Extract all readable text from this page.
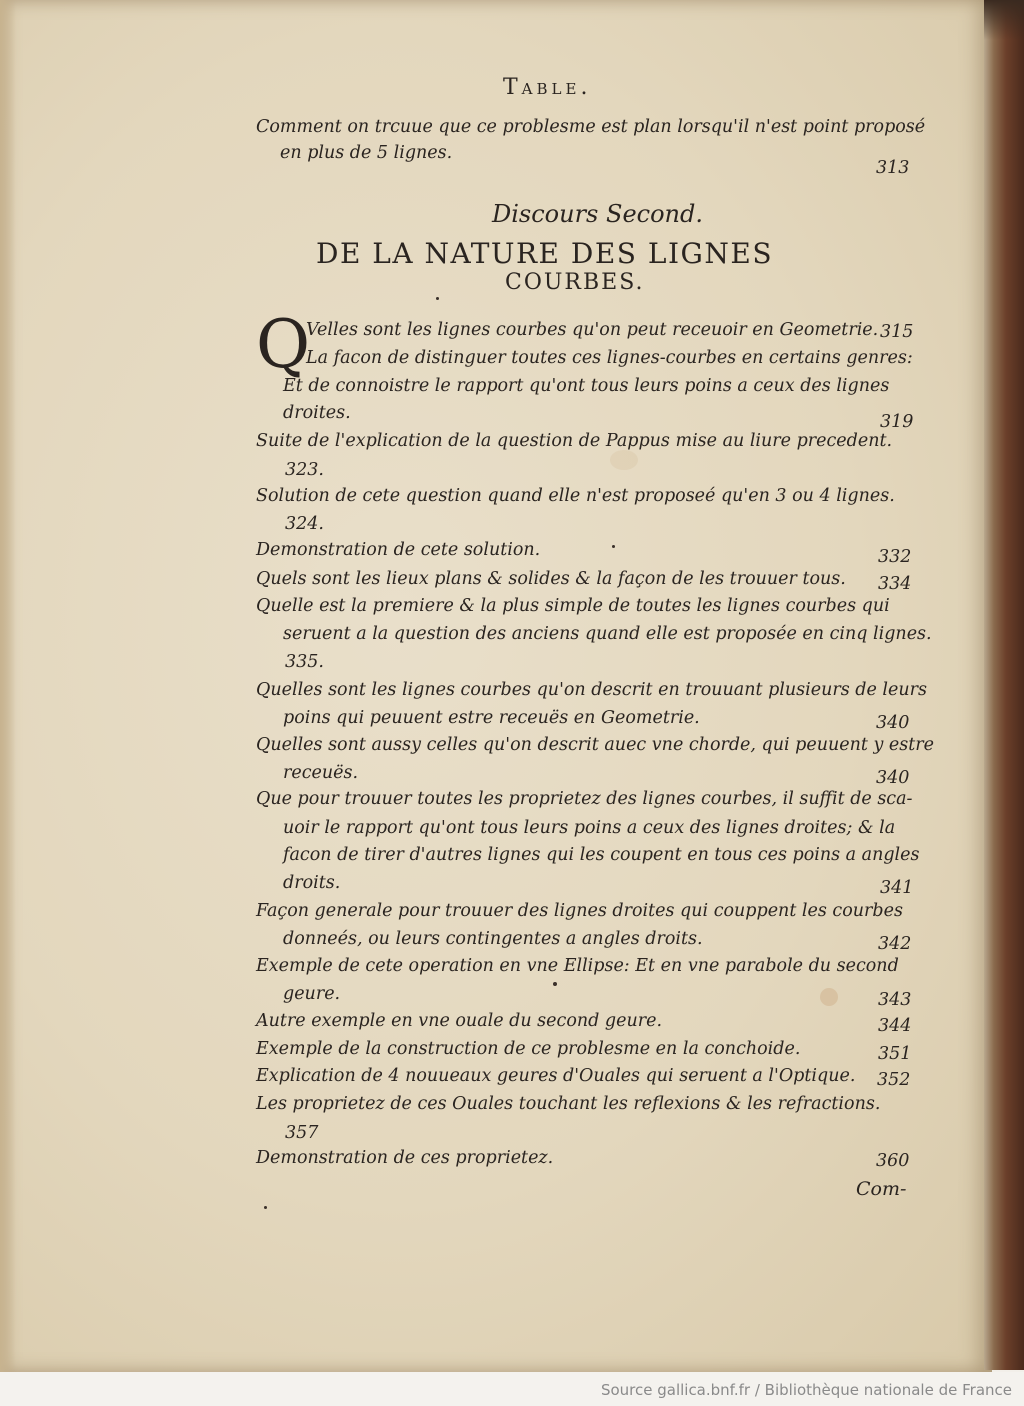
Table.
Comment on trcuue que ce problesme est plan lorsqu'il n'est point proposé
en plus de 5 lignes.
313
Discours Second.
DE LA NATURE DES LIGNES
COURBES.
Q
Velles sont les lignes courbes qu'on peut receuoir en Geometrie. 315
La facon de distinguer toutes ces lignes-courbes en certains genres:
Et de connoistre le rapport qu'ont tous leurs poins a ceux des lignes
droites.	319
Suite de l'explication de la question de Pappus mise au liure precedent.
323.
Solution de cete question quand elle n'est proposeé qu'en 3 ou 4 lignes.
324.
Demonstration de cete solution.	332
Quels sont les lieux plans & solides & la façon de les trouuer tous. 334
Quelle est la premiere & la plus simple de toutes les lignes courbes qui
seruent a la question des anciens quand elle est proposée en cinq lignes.
335.
Quelles sont les lignes courbes qu'on descrit en trouuant plusieurs de leurs
poins qui peuuent estre receuës en Geometrie.	340
Quelles sont aussy celles qu'on descrit auec vne chorde, qui peuuent y estre
receuës.	340
Que pour trouuer toutes les proprietez des lignes courbes, il suffit de sca-
uoir le rapport qu'ont tous leurs poins a ceux des lignes droites; & la
facon de tirer d'autres lignes qui les coupent en tous ces poins a angles
droits.	341
Façon generale pour trouuer des lignes droites qui couppent les courbes
donneés, ou leurs contingentes a angles droits.	342
Exemple de cete operation en vne Ellipse: Et en vne parabole du second
geure.	343
Autre exemple en vne ouale du second geure.	344
Exemple de la construction de ce problesme en la conchoide.	351
Explication de 4 nouueaux geures d'Ouales qui seruent a l'Optique. 352
Les proprietez de ces Ouales touchant les reflexions & les refractions.
357
Demonstration de ces proprietez.	360
Com-
Source gallica.bnf.fr / Bibliothèque nationale de France
